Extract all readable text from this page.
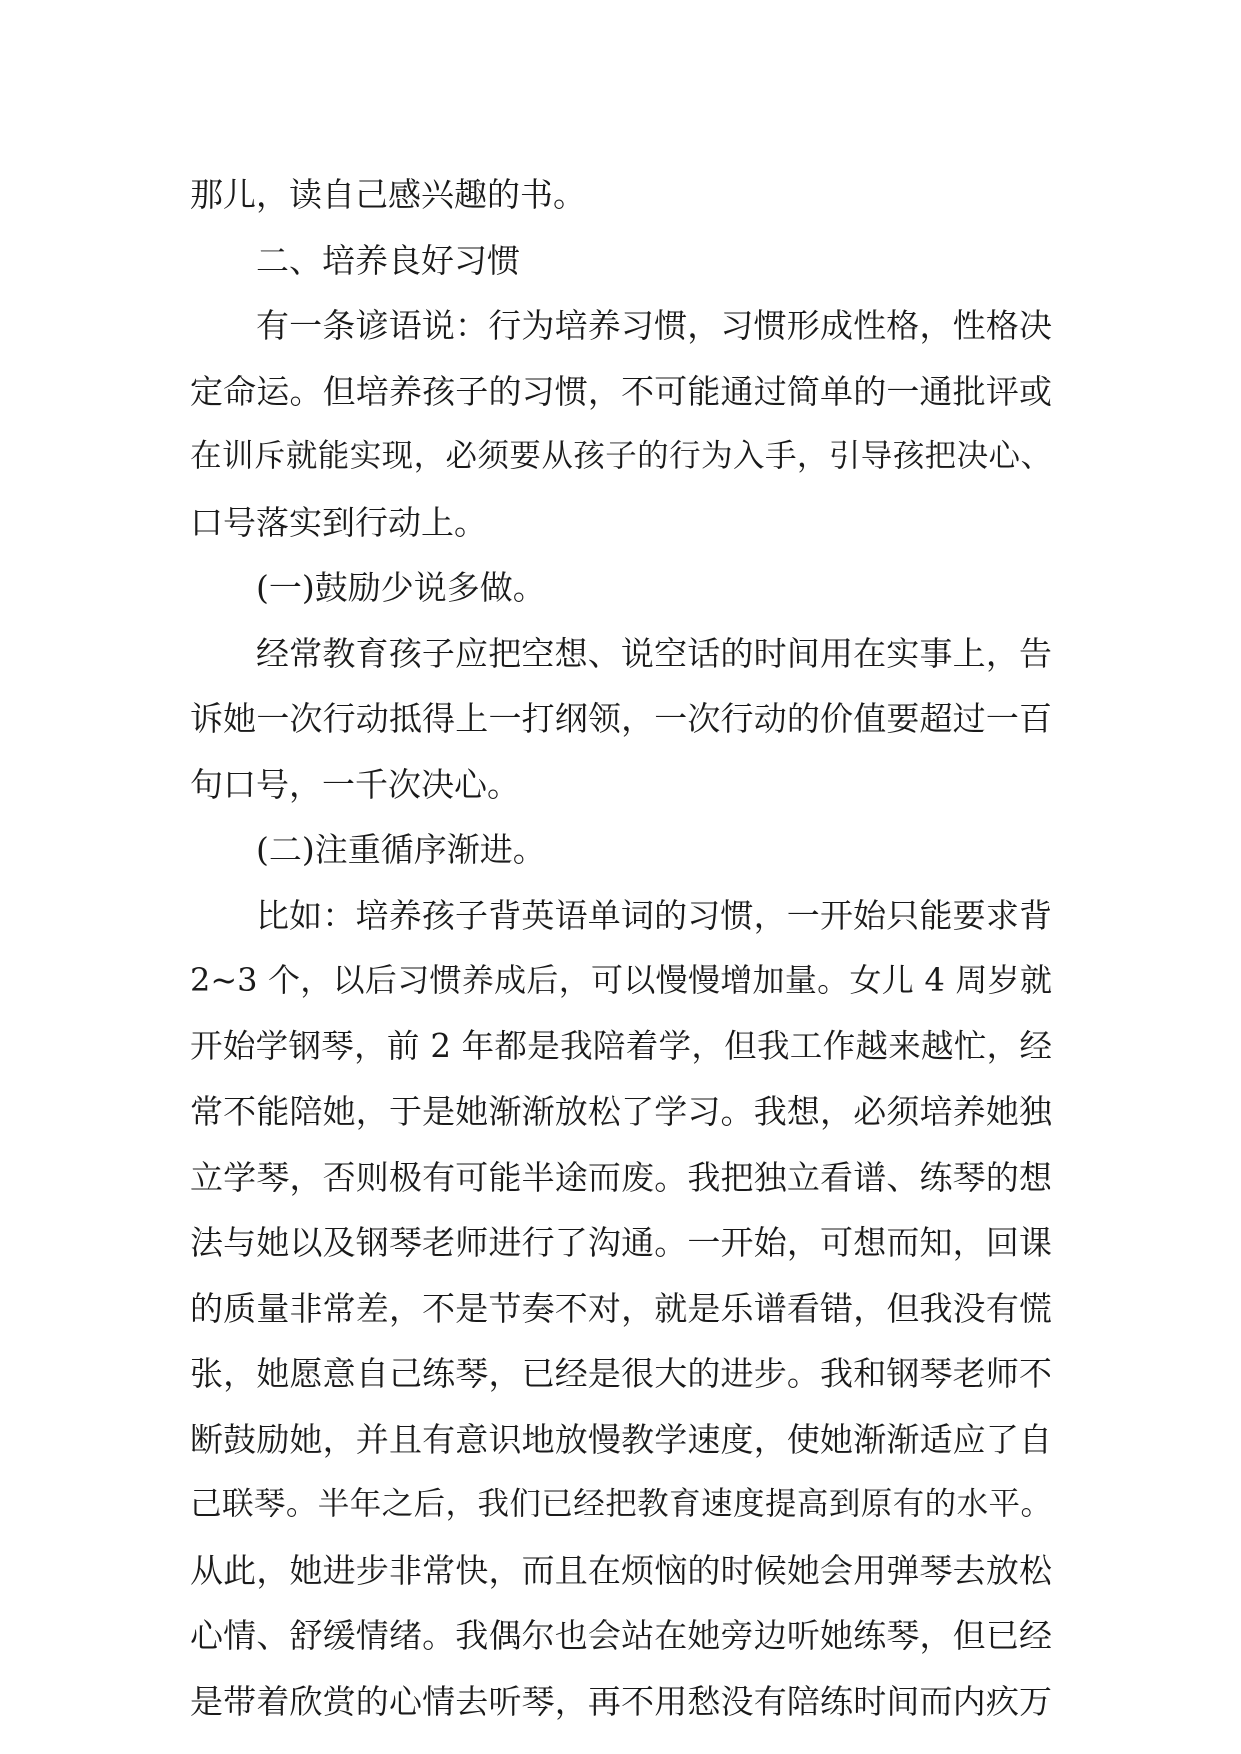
那儿，读自己感兴趣的书。
二、培养良好习惯
有一条谚语说：行为培养习惯，习惯形成性格，性格决
定命运。但培养孩子的习惯，不可能通过简单的一通批评或
在训斥就能实现，必须要从孩子的行为入手，引导孩把决心、
口号落实到行动上。
(一)鼓励少说多做。
经常教育孩子应把空想、说空话的时间用在实事上，告
诉她一次行动抵得上一打纲领，一次行动的价值要超过一百
句口号，一千次决心。
(二)注重循序渐进。
比如：培养孩子背英语单词的习惯，一开始只能要求背
2~3 个，以后习惯养成后，可以慢慢增加量。女儿 4 周岁就
开始学钢琴，前 2 年都是我陪着学，但我工作越来越忙，经
常不能陪她，于是她渐渐放松了学习。我想，必须培养她独
立学琴，否则极有可能半途而废。我把独立看谱、练琴的想
法与她以及钢琴老师进行了沟通。一开始，可想而知，回课
的质量非常差，不是节奏不对，就是乐谱看错，但我没有慌
张，她愿意自己练琴，已经是很大的进步。我和钢琴老师不
断鼓励她，并且有意识地放慢教学速度，使她渐渐适应了自
己联琴。半年之后，我们已经把教育速度提高到原有的水平。
从此，她进步非常快，而且在烦恼的时候她会用弹琴去放松
心情、舒缓情绪。我偶尔也会站在她旁边听她练琴，但已经
是带着欣赏的心情去听琴，再不用愁没有陪练时间而内疚万
